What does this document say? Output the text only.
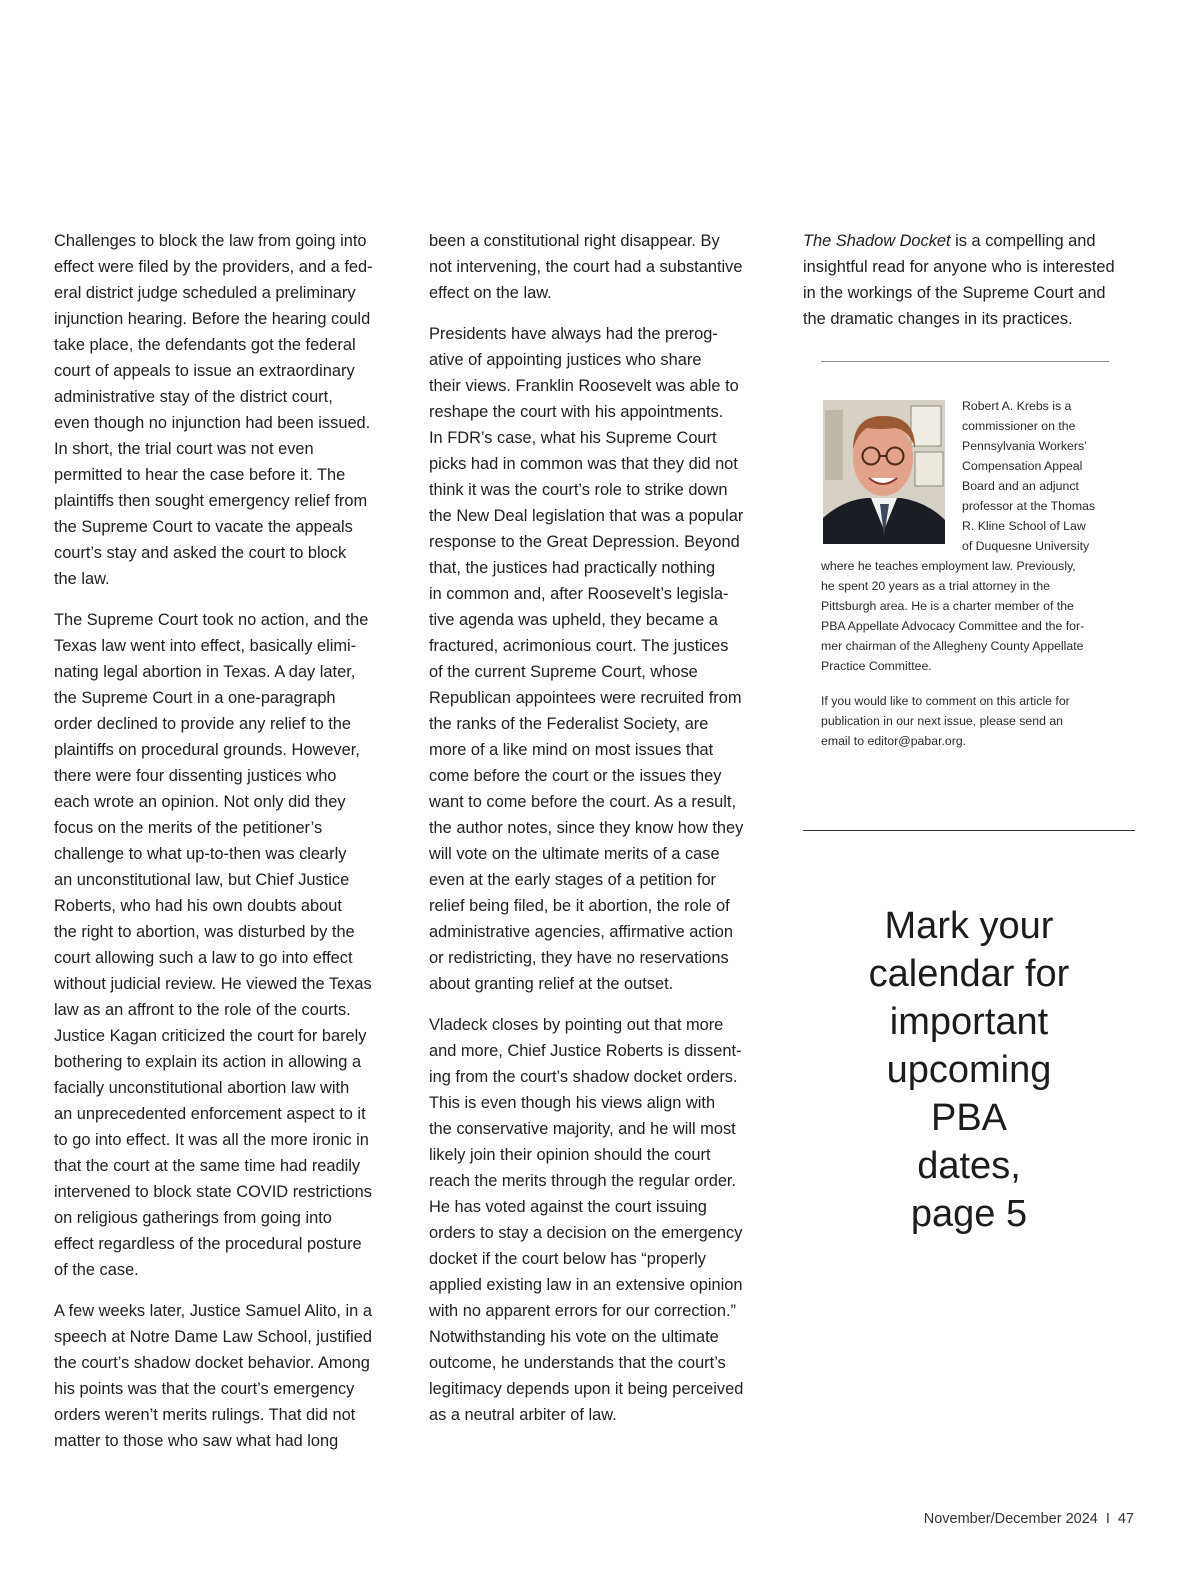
Challenges to block the law from going into
effect were filed by the providers, and a fed-
eral district judge scheduled a preliminary
injunction hearing. Before the hearing could
take place, the defendants got the federal
court of appeals to issue an extraordinary
administrative stay of the district court,
even though no injunction had been issued.
In short, the trial court was not even
permitted to hear the case before it. The
plaintiffs then sought emergency relief from
the Supreme Court to vacate the appeals
court’s stay and asked the court to block
the law.

The Supreme Court took no action, and the
Texas law went into effect, basically elimi-
nating legal abortion in Texas. A day later,
the Supreme Court in a one-paragraph
order declined to provide any relief to the
plaintiffs on procedural grounds. However,
there were four dissenting justices who
each wrote an opinion. Not only did they
focus on the merits of the petitioner’s
challenge to what up-to-then was clearly
an unconstitutional law, but Chief Justice
Roberts, who had his own doubts about
the right to abortion, was disturbed by the
court allowing such a law to go into effect
without judicial review. He viewed the Texas
law as an affront to the role of the courts.
Justice Kagan criticized the court for barely
bothering to explain its action in allowing a
facially unconstitutional abortion law with
an unprecedented enforcement aspect to it
to go into effect. It was all the more ironic in
that the court at the same time had readily
intervened to block state COVID restrictions
on religious gatherings from going into
effect regardless of the procedural posture
of the case.

A few weeks later, Justice Samuel Alito, in a
speech at Notre Dame Law School, justified
the court’s shadow docket behavior. Among
his points was that the court’s emergency
orders weren’t merits rulings. That did not
matter to those who saw what had long

been a constitutional right disappear. By
not intervening, the court had a substantive
effect on the law.

Presidents have always had the prerog-
ative of appointing justices who share
their views. Franklin Roosevelt was able to
reshape the court with his appointments.
In FDR’s case, what his Supreme Court
picks had in common was that they did not
think it was the court’s role to strike down
the New Deal legislation that was a popular
response to the Great Depression. Beyond
that, the justices had practically nothing
in common and, after Roosevelt’s legisla-
tive agenda was upheld, they became a
fractured, acrimonious court. The justices
of the current Supreme Court, whose
Republican appointees were recruited from
the ranks of the Federalist Society, are
more of a like mind on most issues that
come before the court or the issues they
want to come before the court. As a result,
the author notes, since they know how they
will vote on the ultimate merits of a case
even at the early stages of a petition for
relief being filed, be it abortion, the role of
administrative agencies, affirmative action
or redistricting, they have no reservations
about granting relief at the outset.

Vladeck closes by pointing out that more
and more, Chief Justice Roberts is dissent-
ing from the court’s shadow docket orders.
This is even though his views align with
the conservative majority, and he will most
likely join their opinion should the court
reach the merits through the regular order.
He has voted against the court issuing
orders to stay a decision on the emergency
docket if the court below has “properly
applied existing law in an extensive opinion
with no apparent errors for our correction.”
Notwithstanding his vote on the ultimate
outcome, he understands that the court’s
legitimacy depends upon it being perceived
as a neutral arbiter of law.

The Shadow Docket is a compelling and
insightful read for anyone who is interested
in the workings of the Supreme Court and
the dramatic changes in its practices.

Robert A. Krebs is a
commissioner on the
Pennsylvania Workers’
Compensation Appeal
Board and an adjunct
professor at the Thomas
R. Kline School of Law
of Duquesne University
where he teaches employment law. Previously,
he spent 20 years as a trial attorney in the
Pittsburgh area. He is a charter member of the
PBA Appellate Advocacy Committee and the for-
mer chairman of the Allegheny County Appellate
Practice Committee.
If you would like to comment on this article for
publication in our next issue, please send an
email to editor@pabar.org.
Mark your
calendar for
important
upcoming
PBA
dates,
page 5
November/December 2024 I 47
